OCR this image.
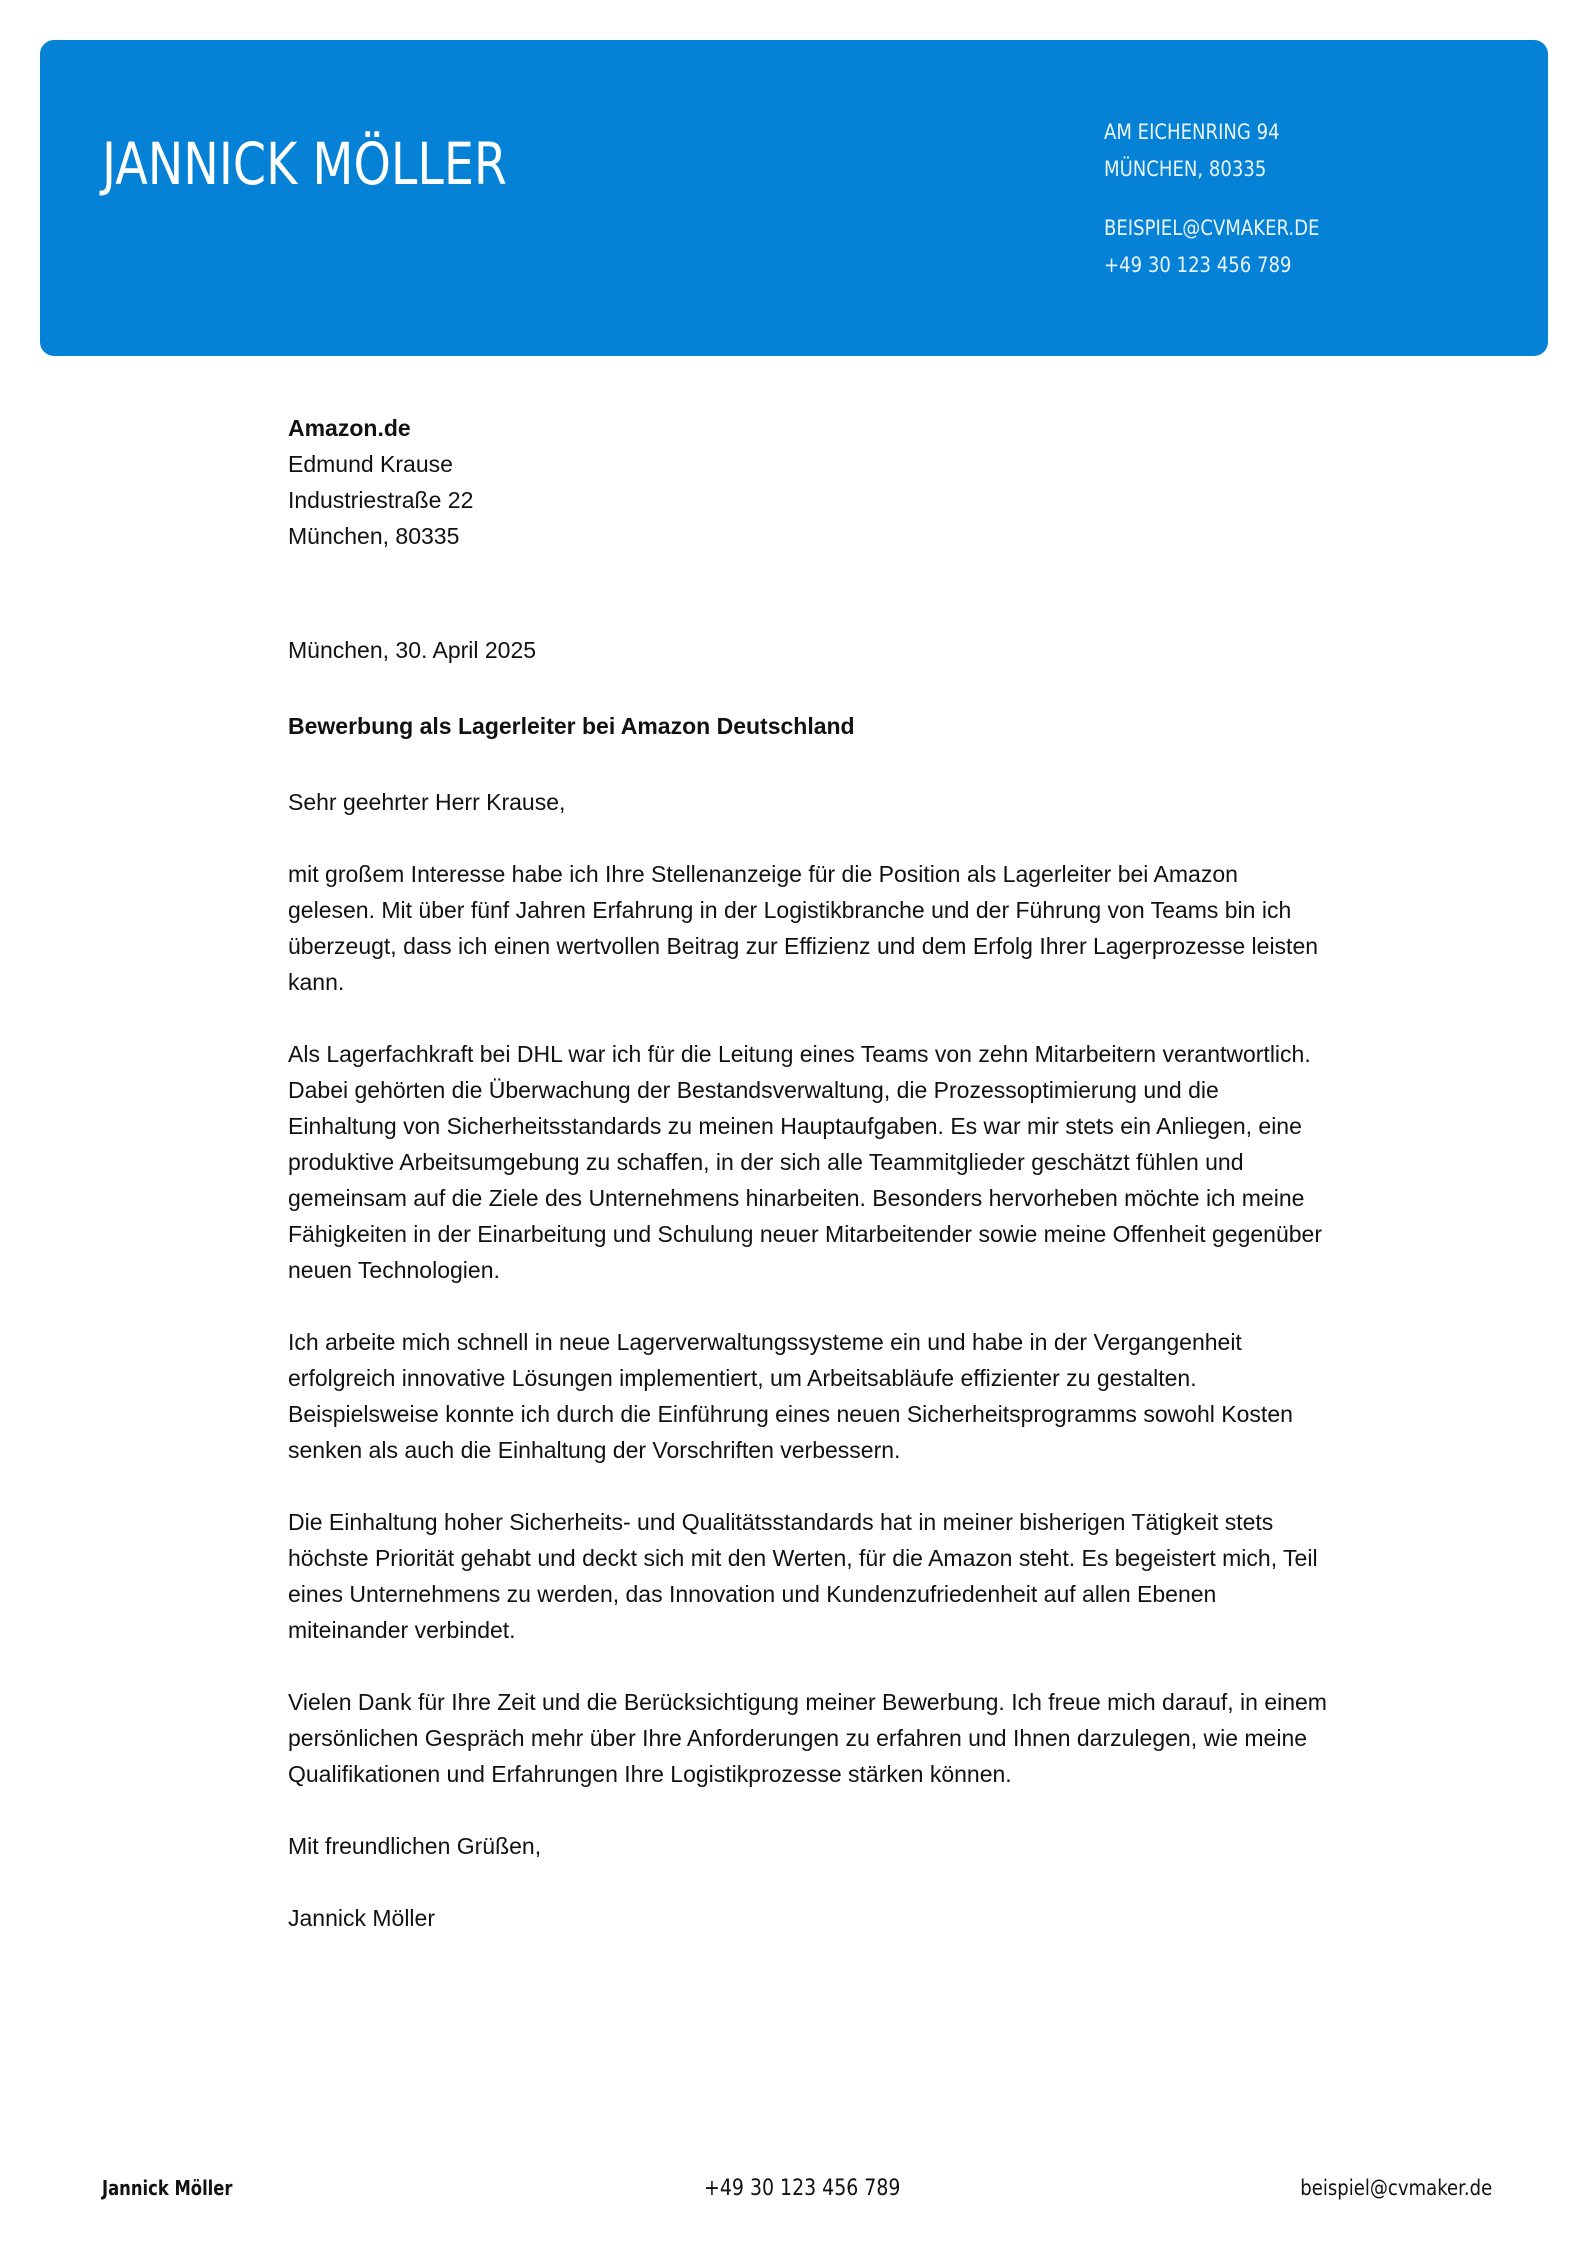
JANNICK MÖLLER	AM EICHENRING 94
MÜNCHEN, 80335
BEISPIEL@CVMAKER.DE
+49 30 123 456 789
Amazon.de
Edmund Krause
Industriestraße 22
München, 80335
München, 30. April 2025
Bewerbung als Lagerleiter bei Amazon Deutschland
Sehr geehrter Herr Krause,

mit großem Interesse habe ich Ihre Stellenanzeige für die Position als Lagerleiter bei Amazon gelesen. Mit über fünf Jahren Erfahrung in der Logistikbranche und der Führung von Teams bin ich überzeugt, dass ich einen wertvollen Beitrag zur Effizienz und dem Erfolg Ihrer Lagerprozesse leisten kann.

Als Lagerfachkraft bei DHL war ich für die Leitung eines Teams von zehn Mitarbeitern verantwortlich. Dabei gehörten die Überwachung der Bestandsverwaltung, die Prozessoptimierung und die Einhaltung von Sicherheitsstandards zu meinen Hauptaufgaben. Es war mir stets ein Anliegen, eine produktive Arbeitsumgebung zu schaffen, in der sich alle Teammitglieder geschätzt fühlen und gemeinsam auf die Ziele des Unternehmens hinarbeiten. Besonders hervorheben möchte ich meine Fähigkeiten in der Einarbeitung und Schulung neuer Mitarbeitender sowie meine Offenheit gegenüber neuen Technologien.

Ich arbeite mich schnell in neue Lagerverwaltungssysteme ein und habe in der Vergangenheit erfolgreich innovative Lösungen implementiert, um Arbeitsabläufe effizienter zu gestalten. Beispielsweise konnte ich durch die Einführung eines neuen Sicherheitsprogramms sowohl Kosten senken als auch die Einhaltung der Vorschriften verbessern.

Die Einhaltung hoher Sicherheits- und Qualitätsstandards hat in meiner bisherigen Tätigkeit stets höchste Priorität gehabt und deckt sich mit den Werten, für die Amazon steht. Es begeistert mich, Teil eines Unternehmens zu werden, das Innovation und Kundenzufriedenheit auf allen Ebenen miteinander verbindet.

Vielen Dank für Ihre Zeit und die Berücksichtigung meiner Bewerbung. Ich freue mich darauf, in einem persönlichen Gespräch mehr über Ihre Anforderungen zu erfahren und Ihnen darzulegen, wie meine Qualifikationen und Erfahrungen Ihre Logistikprozesse stärken können.

Mit freundlichen Grüßen,
Jannick Möller
Jannick Möller	+49 30 123 456 789	beispiel@cvmaker.de
